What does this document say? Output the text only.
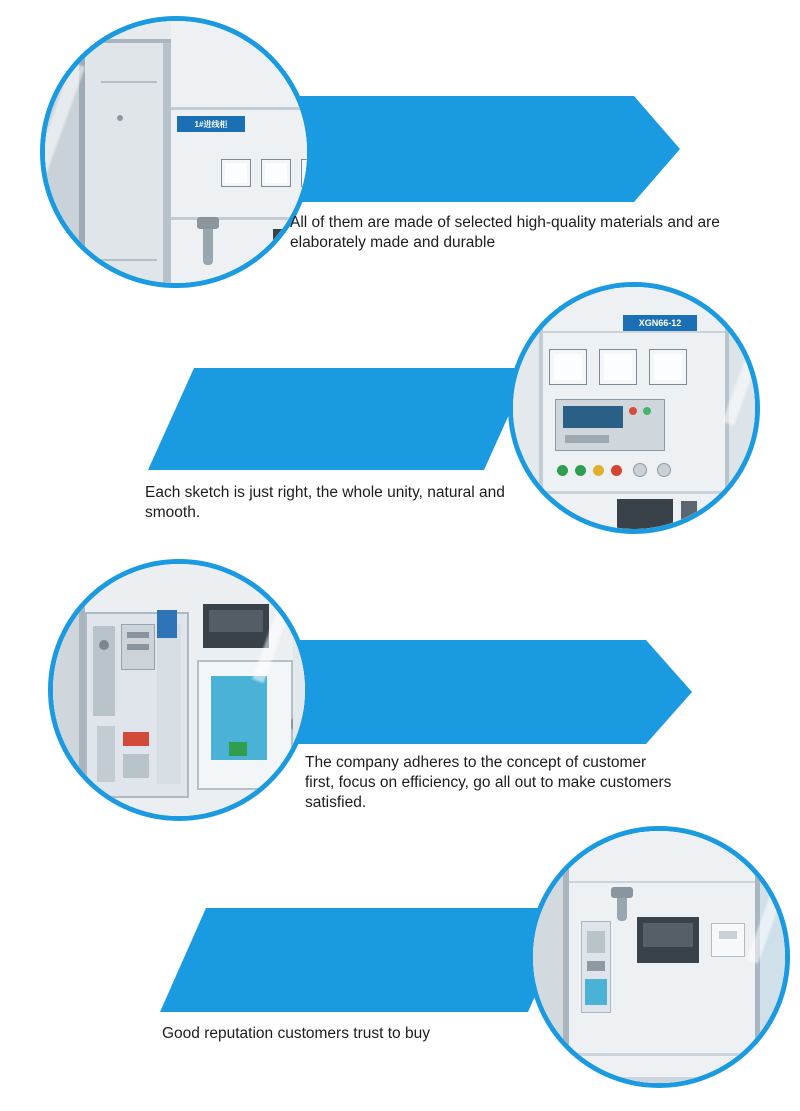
All of them are made of selected high-quality materials and are elaborately made and durable
1#进线柜
Each sketch is just right, the whole unity, natural and smooth.
XGN66-12
The company adheres to the concept of customer first, focus on efficiency, go all out to make customers satisfied.
Good reputation customers trust to buy
